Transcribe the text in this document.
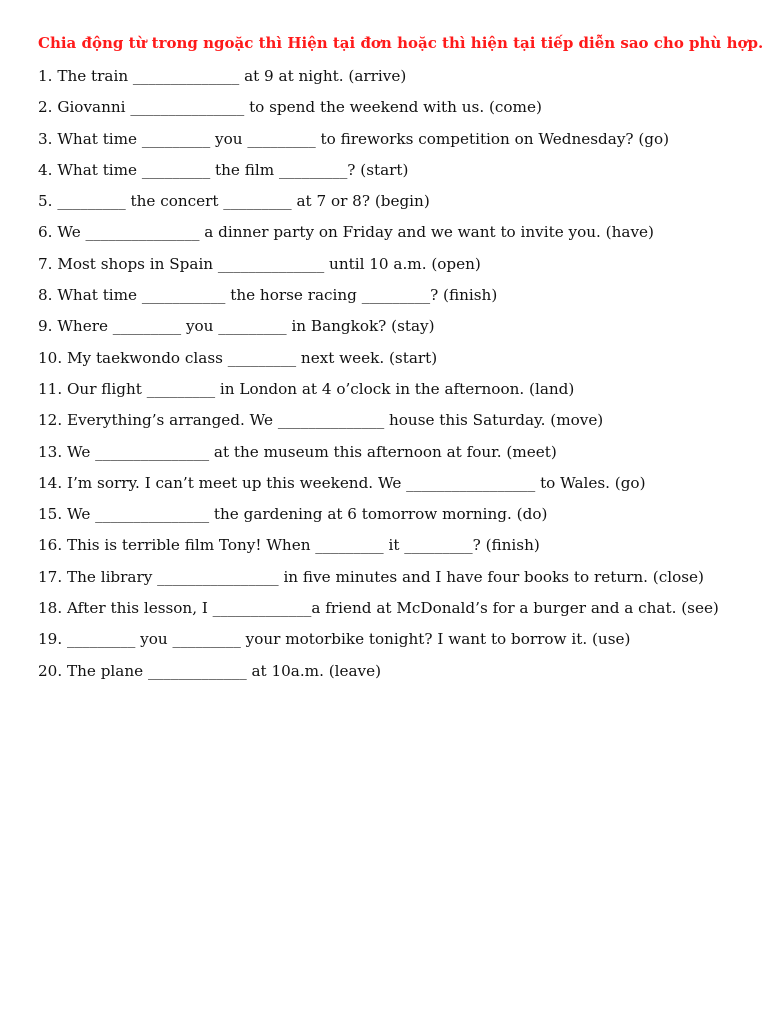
Chia động từ trong ngoặc thì Hiện tại đơn hoặc thì hiện tại tiếp diễn sao cho phù hợp.
1. The train ______________ at 9 at night. (arrive)
2. Giovanni _______________ to spend the weekend with us. (come)
3. What time _________ you _________ to fireworks competition on Wednesday? (go)
4. What time _________ the film _________? (start)
5. _________ the concert _________ at 7 or 8? (begin)
6. We _______________ a dinner party on Friday and we want to invite you. (have)
7. Most shops in Spain ______________ until 10 a.m. (open)
8. What time ___________ the horse racing _________? (finish)
9. Where _________ you _________ in Bangkok? (stay)
10. My taekwondo class _________ next week. (start)
11. Our flight _________ in London at 4 o’clock in the afternoon. (land)
12. Everything’s arranged. We ______________ house this Saturday. (move)
13. We _______________ at the museum this afternoon at four. (meet)
14. I’m sorry. I can’t meet up this weekend. We _________________ to Wales. (go)
15. We _______________ the gardening at 6 tomorrow morning. (do)
16. This is terrible film Tony! When _________ it _________? (finish)
17. The library ________________ in five minutes and I have four books to return. (close)
18. After this lesson, I _____________a friend at McDonald’s for a burger and a chat. (see)
19. _________ you _________ your motorbike tonight? I want to borrow it. (use)
20. The plane _____________ at 10a.m. (leave)
